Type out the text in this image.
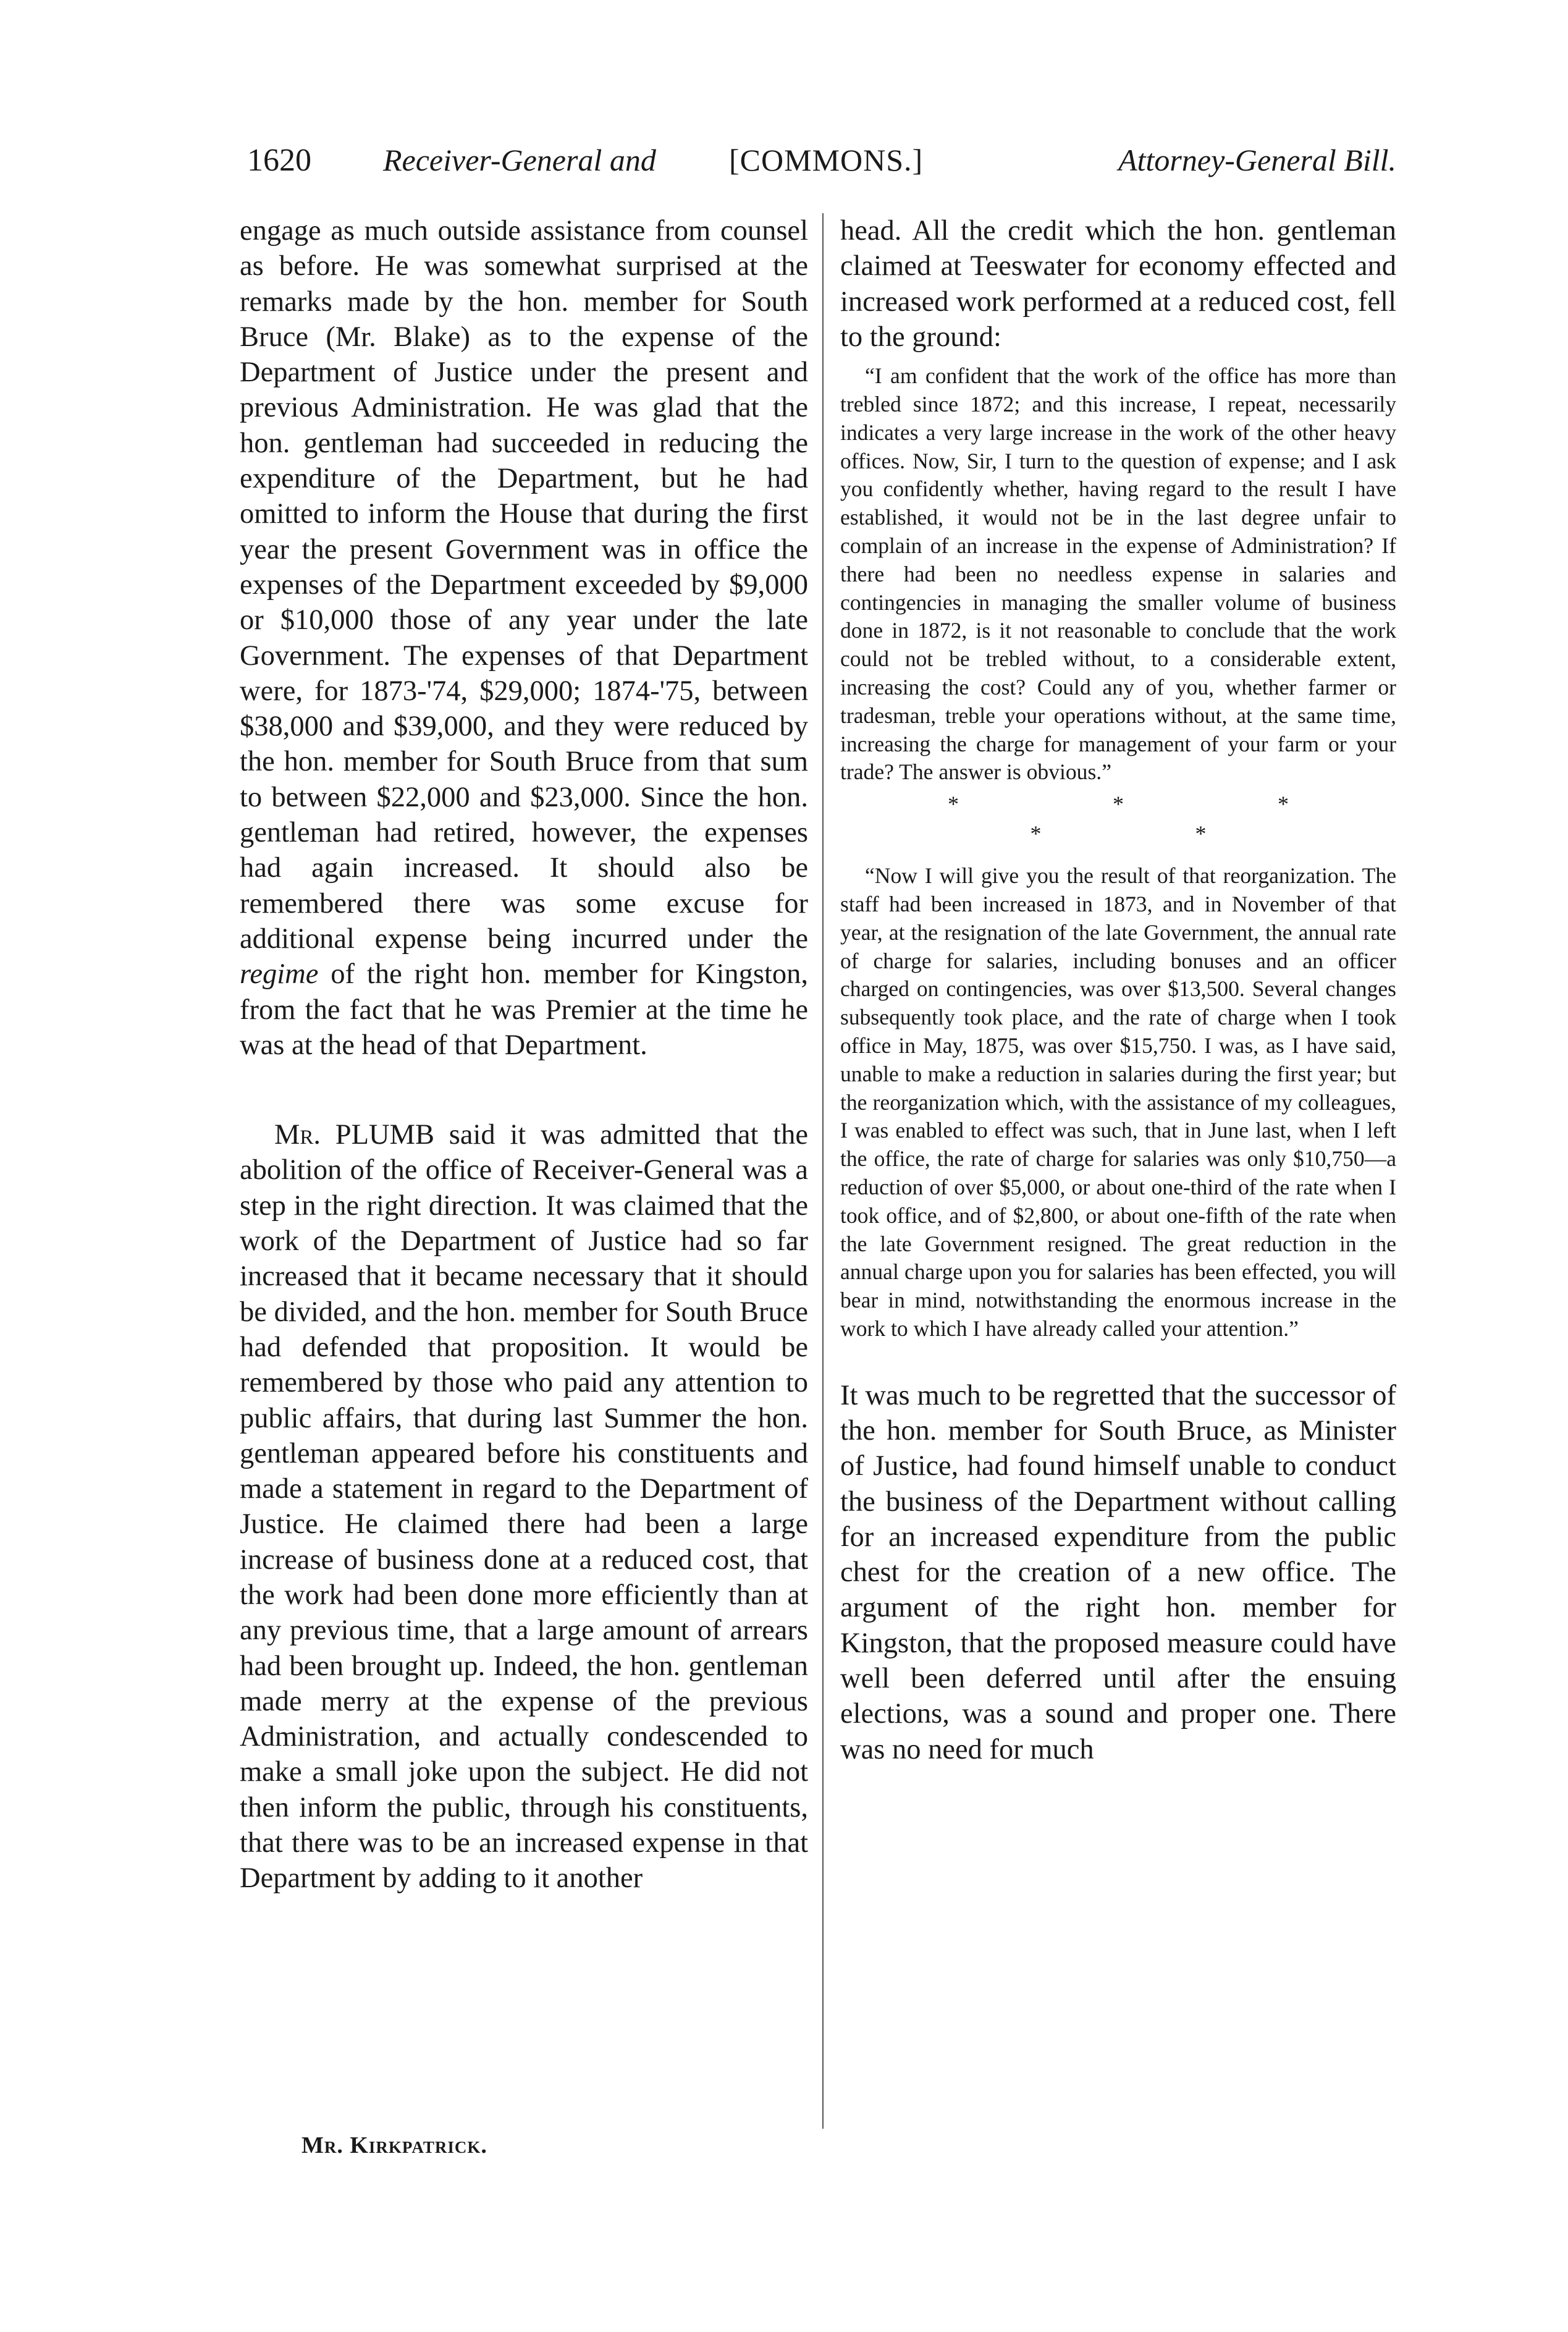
1620 Receiver-General and [COMMONS.]	Attorney-General Bill.

engage as much outside assistance from counsel as before. He was somewhat surprised at the remarks made by the hon. member for South Bruce (Mr. Blake) as to the expense of the Department of Justice under the present and previous Administration. He was glad that the hon. gentleman had succeeded in reducing the expenditure of the Department, but he had omitted to inform the House that during the first year the present Government was in office the expenses of the Department exceeded by $9,000 or $10,000 those of any year under the late Government. The expenses of that Department were, for 1873-'74, $29,000; 1874-'75, between $38,000 and $39,000, and they were reduced by the hon. member for South Bruce from that sum to between $22,000 and $23,000. Since the hon. gentleman had retired, however, the expenses had again increased. It should also be remembered there was some excuse for additional expense being incurred under the regime of the right hon. member for Kingston, from the fact that he was Premier at the time he was at the head of that Department.

Mr. PLUMB said it was admitted that the abolition of the office of Receiver-General was a step in the right direction. It was claimed that the work of the Department of Justice had so far increased that it became necessary that it should be divided, and the hon. member for South Bruce had defended that proposition. It would be remembered by those who paid any attention to public affairs, that during last Summer the hon. gentleman appeared before his constituents and made a statement in regard to the Department of Justice. He claimed there had been a large increase of business done at a reduced cost, that the work had been done more efficiently than at any previous time, that a large amount of arrears had been brought up. Indeed, the hon. gentleman made merry at the expense of the previous Administration, and actually condescended to make a small joke upon the subject. He did not then inform the public, through his constituents, that there was to be an increased expense in that Department by adding to it another

head. All the credit which the hon. gentleman claimed at Teeswater for economy effected and increased work performed at a reduced cost, fell to the ground:

“I am confident that the work of the office has more than trebled since 1872; and this increase, I repeat, necessarily indicates a very large increase in the work of the other heavy offices. Now, Sir, I turn to the question of expense; and I ask you confidently whether, having regard to the result I have established, it would not be in the last degree unfair to complain of an increase in the expense of Administration? If there had been no needless expense in salaries and contingencies in managing the smaller volume of business done in 1872, is it not reasonable to conclude that the work could not be trebled without, to a considerable extent, increasing the cost? Could any of you, whether farmer or tradesman, treble your operations without, at the same time, increasing the charge for management of your farm or your trade? The answer is obvious.”

* * * * *

“Now I will give you the result of that reorganization. The staff had been increased in 1873, and in November of that year, at the resignation of the late Government, the annual rate of charge for salaries, including bonuses and an officer charged on contingencies, was over $13,500. Several changes subsequently took place, and the rate of charge when I took office in May, 1875, was over $15,750. I was, as I have said, unable to make a reduction in salaries during the first year; but the reorganization which, with the assistance of my colleagues, I was enabled to effect was such, that in June last, when I left the office, the rate of charge for salaries was only $10,750—a reduction of over $5,000, or about one-third of the rate when I took office, and of $2,800, or about one-fifth of the rate when the late Government resigned. The great reduction in the annual charge upon you for salaries has been effected, you will bear in mind, notwithstanding the enormous increase in the work to which I have already called your attention.”

It was much to be regretted that the successor of the hon. member for South Bruce, as Minister of Justice, had found himself unable to conduct the business of the Department without calling for an increased expenditure from the public chest for the creation of a new office. The argument of the right hon. member for Kingston, that the proposed measure could have well been deferred until after the ensuing elections, was a sound and proper one. There was no need for much

Mr. Kirkpatrick.
